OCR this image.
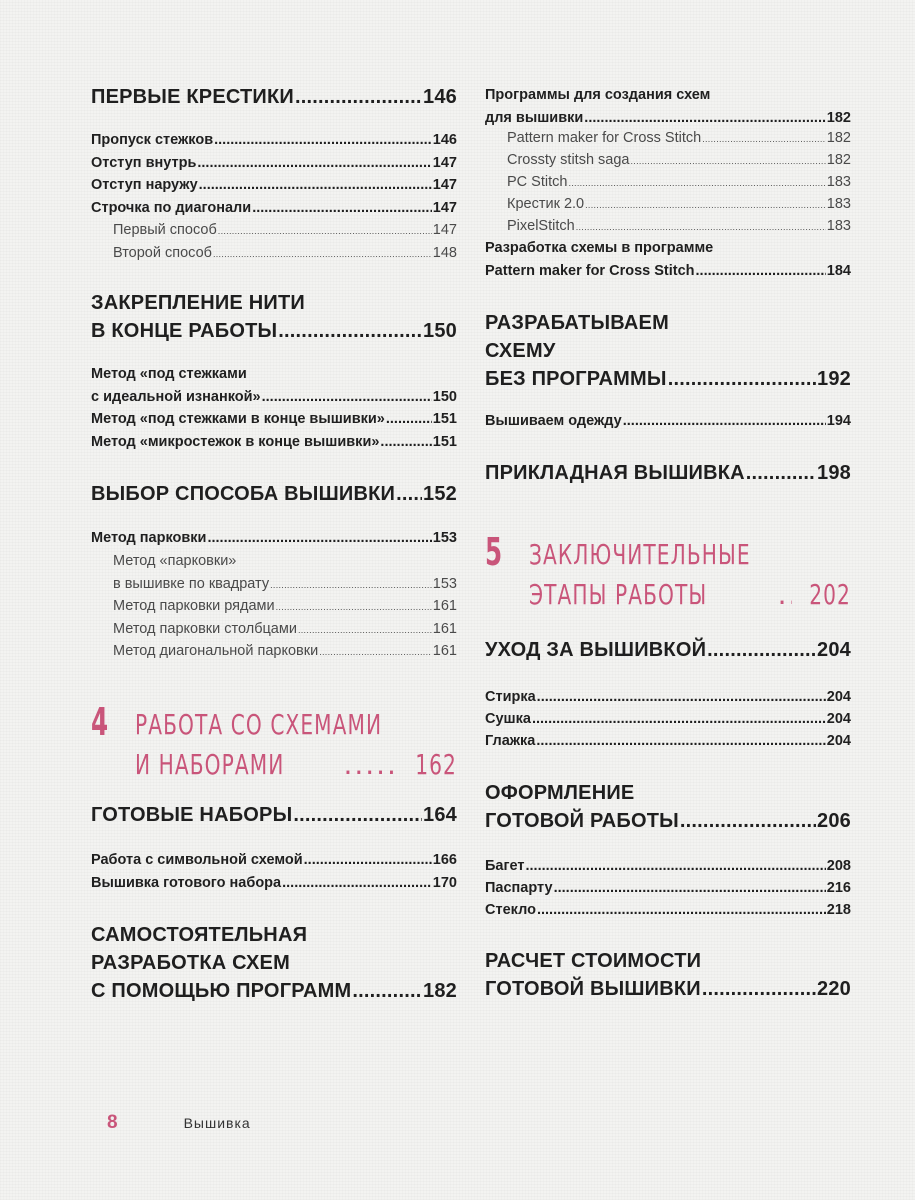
ПЕРВЫЕ КРЕСТИКИ .....	146
Пропуск стежков .....	146
Отступ внутрь .....	147
Отступ наружу .....	147
Строчка по диагонали .....	147
Первый способ .....	147
Второй способ .....	148
ЗАКРЕПЛЕНИЕ НИТИ
В КОНЦЕ РАБОТЫ .....	150
Метод «под стежками
с идеальной изнанкой» .....	150
Метод «под стежками в конце вышивки» .....	151
Метод «микростежок в конце вышивки» .....	151
ВЫБОР СПОСОБА ВЫШИВКИ ..... 152
Метод парковки .....	153
Метод «парковки»
в вышивке по квадрату .....	153
Метод парковки рядами .....	161
Метод парковки столбцами .....	161
Метод диагональной парковки .....	161
4 РАБОТА СО СХЕМАМИ
И НАБОРАМИ .....	162
ГОТОВЫЕ НАБОРЫ .....	164
Работа с символьной схемой .....	166
Вышивка готового набора .....	170
САМОСТОЯТЕЛЬНАЯ
РАЗРАБОТКА СХЕМ
С ПОМОЩЬЮ ПРОГРАММ .....	182
Программы для создания схем
для вышивки .....	182
Pattern maker for Cross Stitch .....	182
Crossty stitsh saga .....	182
PC Stitch .....	183
Крестик 2.0 .....	183
PixelStitch .....	183
Разработка схемы в программе
Pattern maker for Cross Stitch .....	184
РАЗРАБАТЫВАЕМ
СХЕМУ
БЕЗ ПРОГРАММЫ .....	192
Вышиваем одежду .....	194
ПРИКЛАДНАЯ ВЫШИВКА .....	198
5 ЗАКЛЮЧИТЕЛЬНЫЕ
ЭТАПЫ РАБОТЫ .....	202
УХОД ЗА ВЫШИВКОЙ .....	204
Стирка .....	204
Сушка .....	204
Глажка .....	204
ОФОРМЛЕНИЕ
ГОТОВОЙ РАБОТЫ .....	206
Багет .....	208
Паспарту .....	216
Стекло .....	218
РАСЧЕТ СТОИМОСТИ
ГОТОВОЙ ВЫШИВКИ .....	220
8	Вышивка
